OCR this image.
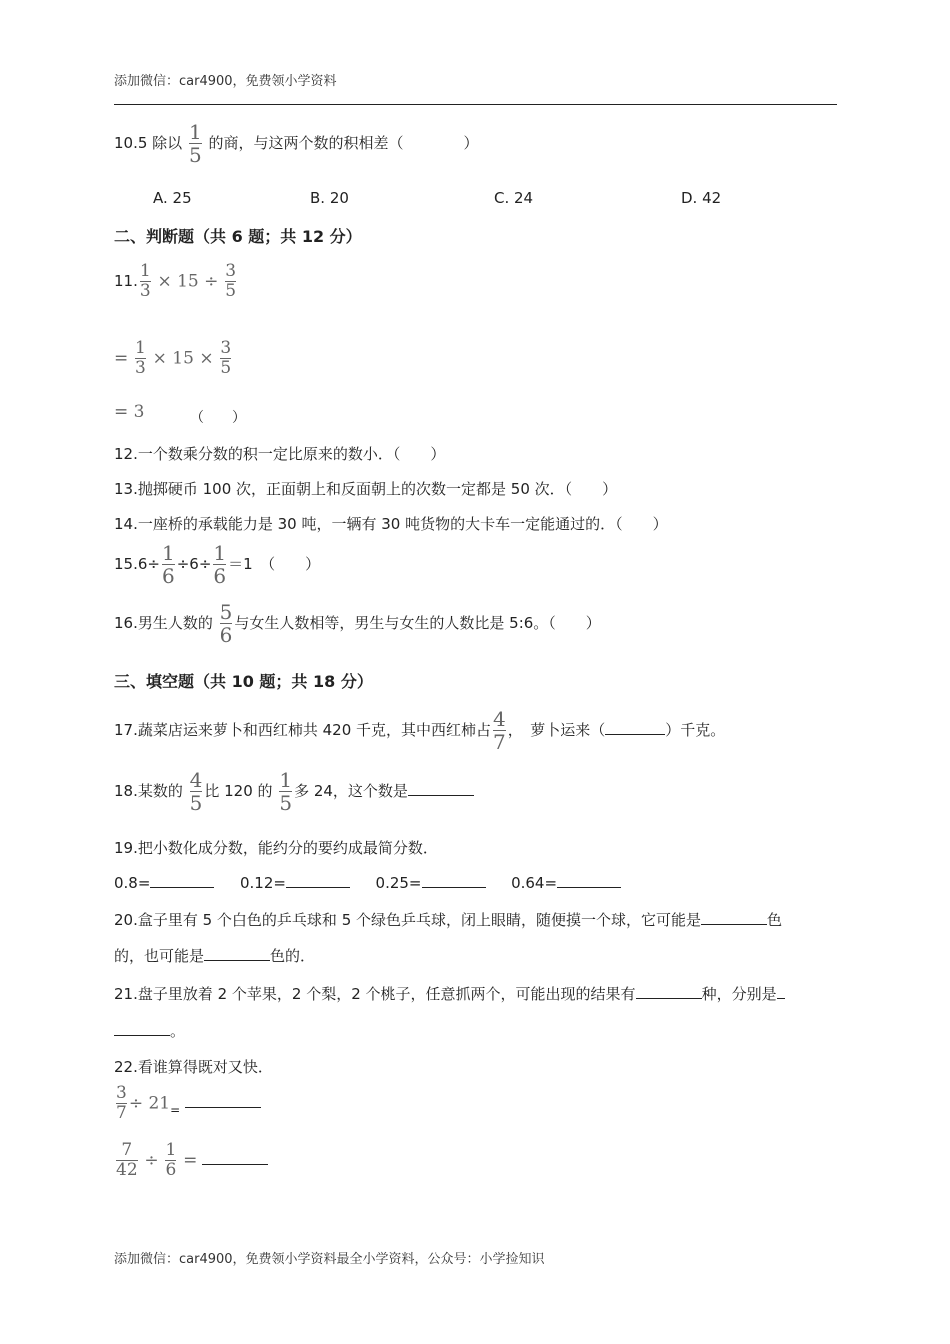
添加微信：car4900，免费领小学资料
10.5 除以 $\frac{1}{5}$ 的商，与这两个数的积相差（　　　　）
A. 25	B. 20	C. 24	D. 42
二、判断题（共 6 题；共 12 分）
11. $\frac{1}{3} \times 15 \div \frac{3}{5}$
= $\frac{1}{3} \times 15 \times \frac{3}{5}$
= 3	（　　）
12.一个数乘分数的积一定比原来的数小．（　　）
13.抛掷硬币 100 次，正面朝上和反面朝上的次数一定都是 50 次．（　　）
14.一座桥的承载能力是 30 吨，一辆有 30 吨货物的大卡车一定能通过的．（　　）
$15.6\div \frac{1}{6} \div 6\div \frac{1}{6} =1$　（　　）
16.男生人数的 $\frac{5}{6}$ 与女生人数相等，男生与女生的人数比是 5:6。（　　）
三、填空题（共 10 题；共 18 分）
17.蔬菜店运来萝卜和西红柿共 420 千克，其中西红柿占 $\frac{4}{7}$ ，　萝卜运来（	）千克。
18.某数的 $\frac{4}{5}$ 比 120 的 $\frac{1}{5}$ 多 24，这个数是
19.把小数化成分数，能约分的要约成最简分数．
0.8=	0.12=	0.25=	0.64=
20.盒子里有 5 个白色的乒乓球和 5 个绿色乒乓球，闭上眼睛，随便摸一个球，它可能是	色
的，也可能是	色的．
21.盘子里放着 2 个苹果，2 个梨，2 个桃子，任意抓两个，可能出现的结果有	种，分别是
。
22.看谁算得既对又快．
$\frac{3}{7} \div 21_=$
$\frac{7}{42} \div \frac{1}{6}$ =
添加微信：car4900，免费领小学资料最全小学资料，公众号：小学捡知识
